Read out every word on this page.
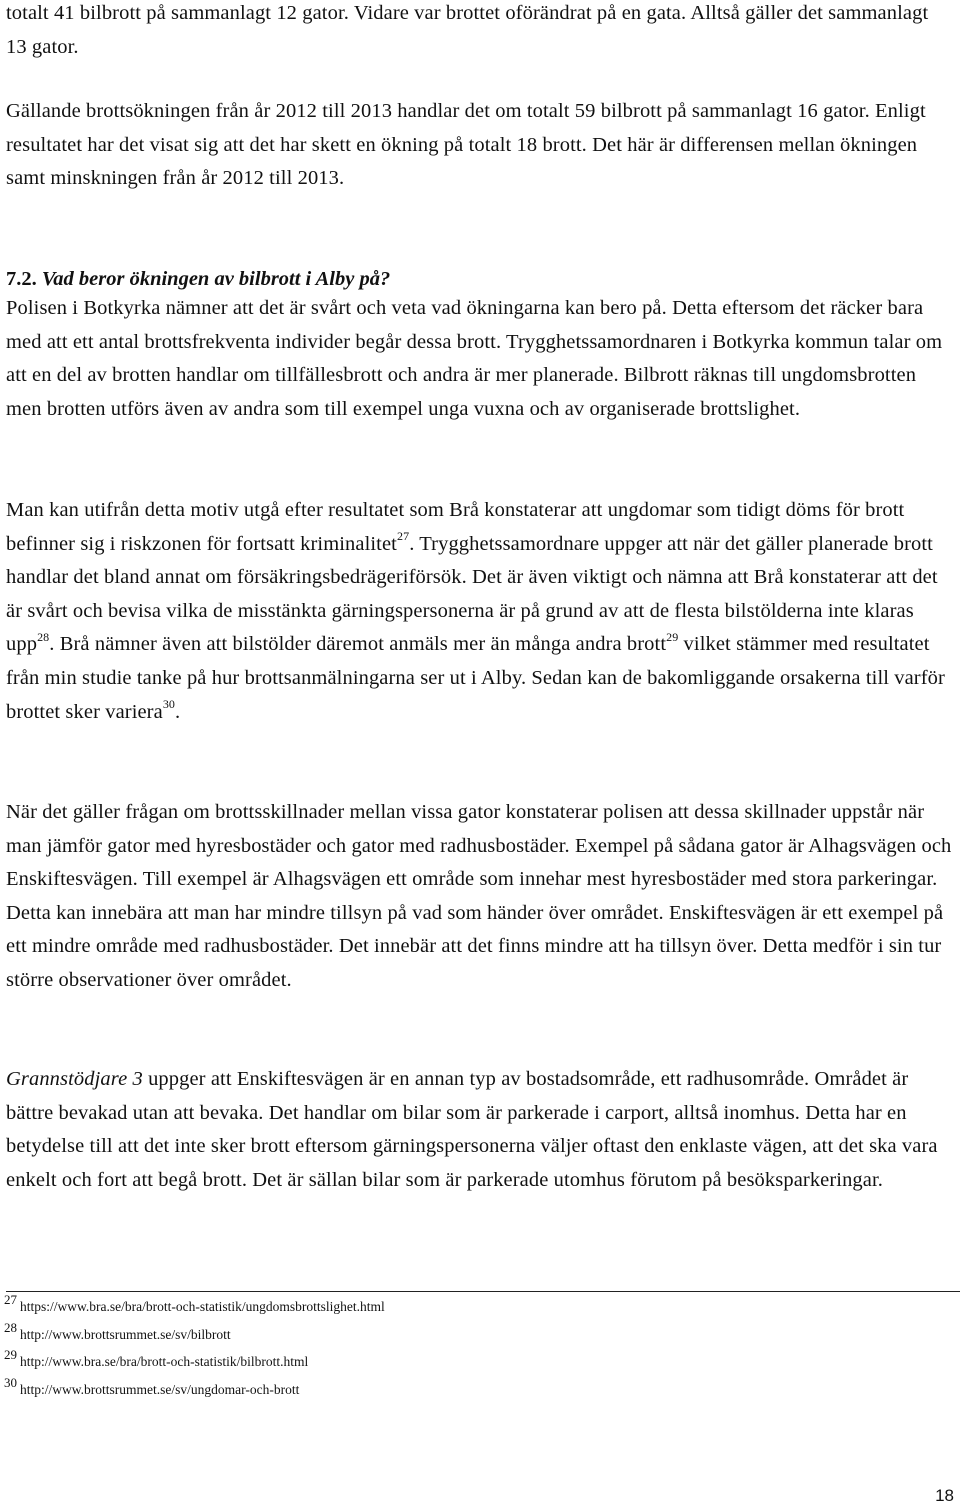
totalt 41 bilbrott på sammanlagt 12 gator. Vidare var brottet oförändrat på en gata. Alltså gäller det sammanlagt 13 gator.

Gällande brottsökningen från år 2012 till 2013 handlar det om totalt 59 bilbrott på sammanlagt 16 gator. Enligt resultatet har det visat sig att det har skett en ökning på totalt 18 brott. Det här är differensen mellan ökningen samt minskningen från år 2012 till 2013.

7.2. Vad beror ökningen av bilbrott i Alby på?

Polisen i Botkyrka nämner att det är svårt och veta vad ökningarna kan bero på. Detta eftersom det räcker bara med att ett antal brottsfrekventa individer begår dessa brott. Trygghetssamordnaren i Botkyrka kommun talar om att en del av brotten handlar om tillfällesbrott och andra är mer planerade. Bilbrott räknas till ungdomsbrotten men brotten utförs även av andra som till exempel unga vuxna och av organiserade brottslighet.

Man kan utifrån detta motiv utgå efter resultatet som Brå konstaterar att ungdomar som tidigt döms för brott befinner sig i riskzonen för fortsatt kriminalitet$^{27}$. Trygghetssamordnare uppger att när det gäller planerade brott handlar det bland annat om försäkringsbedrägeriförsök. Det är även viktigt och nämna att Brå konstaterar att det är svårt och bevisa vilka de misstänkta gärningspersonerna är på grund av att de flesta bilstölderna inte klaras upp$^{28}$. Brå nämner även att bilstölder däremot anmäls mer än många andra brott$^{29}$ vilket stämmer med resultatet från min studie tanke på hur brottsanmälningarna ser ut i Alby. Sedan kan de bakomliggande orsakerna till varför brottet sker variera$^{30}$.

När det gäller frågan om brottsskillnader mellan vissa gator konstaterar polisen att dessa skillnader uppstår när man jämför gator med hyresbostäder och gator med radhusbostäder. Exempel på sådana gator är Alhagsvägen och Enskiftesvägen. Till exempel är Alhagsvägen ett område som innehar mest hyresbostäder med stora parkeringar. Detta kan innebära att man har mindre tillsyn på vad som händer över området. Enskiftesvägen är ett exempel på ett mindre område med radhusbostäder. Det innebär att det finns mindre att ha tillsyn över. Detta medför i sin tur större observationer över området.

Grannstödjare 3 uppger att Enskiftesvägen är en annan typ av bostadsområde, ett radhusområde. Området är bättre bevakad utan att bevaka. Det handlar om bilar som är parkerade i carport, alltså inomhus. Detta har en betydelse till att det inte sker brott eftersom gärningspersonerna väljer oftast den enklaste vägen, att det ska vara enkelt och fort att begå brott. Det är sällan bilar som är parkerade utomhus förutom på besöksparkeringar.

27 https://www.bra.se/bra/brott-och-statistik/ungdomsbrottslighet.html
28 http://www.brottsrummet.se/sv/bilbrott
29 http://www.bra.se/bra/brott-och-statistik/bilbrott.html
30 http://www.brottsrummet.se/sv/ungdomar-och-brott
18
